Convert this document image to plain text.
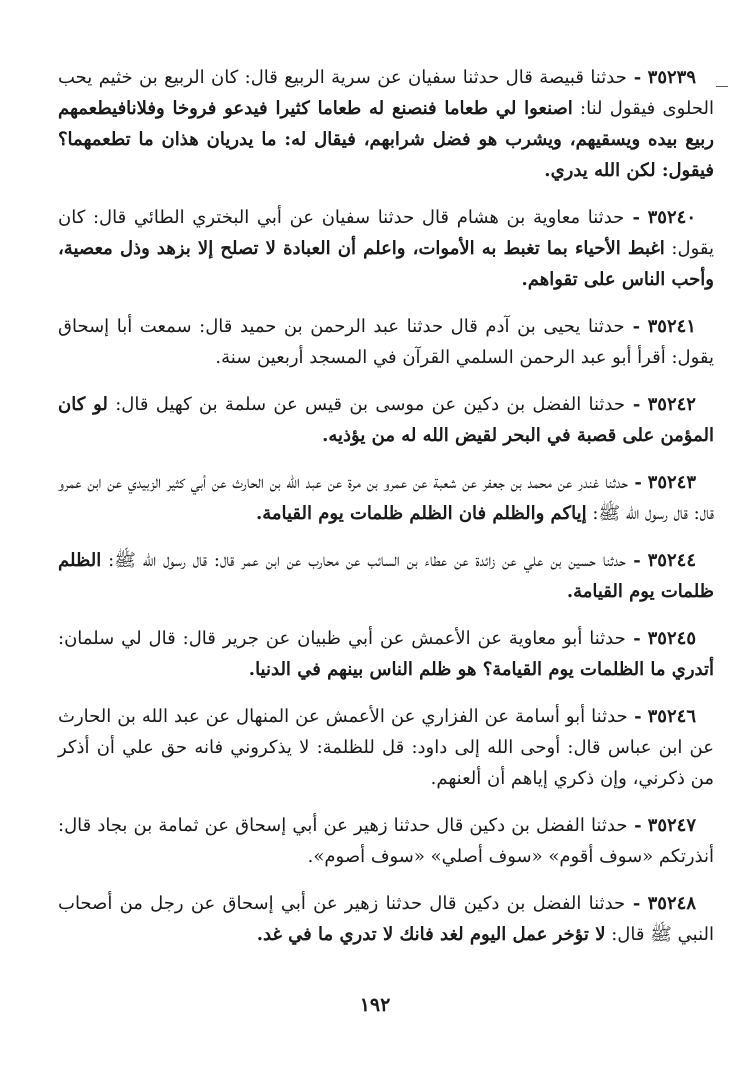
٣٥٢٣٩ - حدثنا قبيصة قال حدثنا سفيان عن سرية الربيع قال: كان الربيع بن خثيم يحب الحلوى فيقول لنا: اصنعوا لي طعاما فنصنع له طعاما كثيرا فيدعو فروخا وفلانافيطعمهم ربيع بيده ويسقيهم، ويشرب هو فضل شرابهم، فيقال له: ما يدريان هذان ما تطعمهما؟ فيقول: لكن الله يدري.

٣٥٢٤٠ - حدثنا معاوية بن هشام قال حدثنا سفيان عن أبي البختري الطائي قال: كان يقول: اغبط الأحياء بما تغبط به الأموات، واعلم أن العبادة لا تصلح إلا بزهد وذل معصية، وأحب الناس على تقواهم.

٣٥٢٤١ - حدثنا يحيى بن آدم قال حدثنا عبد الرحمن بن حميد قال: سمعت أبا إسحاق يقول: أقرأ أبو عبد الرحمن السلمي القرآن في المسجد أربعين سنة.

٣٥٢٤٢ - حدثنا الفضل بن دكين عن موسى بن قيس عن سلمة بن كهيل قال: لو كان المؤمن على قصبة في البحر لقيض الله له من يؤذيه.

٣٥٢٤٣ - حدثنا غندر عن محمد بن جعفر عن شعبة عن عمرو بن مرة عن عبد الله بن الحارث عن أبي كثير الزبيدي عن ابن عمرو قال: قال رسول الله ﷺ: إياكم والظلم فان الظلم ظلمات يوم القيامة.

٣٥٢٤٤ - حدثنا حسين بن علي عن زائدة عن عطاء بن السائب عن محارب عن ابن عمر قال: قال رسول الله ﷺ: الظلم ظلمات يوم القيامة.

٣٥٢٤٥ - حدثنا أبو معاوية عن الأعمش عن أبي ظبيان عن جرير قال: قال لي سلمان: أتدري ما الظلمات يوم القيامة؟ هو ظلم الناس بينهم في الدنيا.

٣٥٢٤٦ - حدثنا أبو أسامة عن الفزاري عن الأعمش عن المنهال عن عبد الله بن الحارث عن ابن عباس قال: أوحى الله إلى داود: قل للظلمة: لا يذكروني فانه حق علي أن أذكر من ذكرني، وإن ذكري إياهم أن ألعنهم.

٣٥٢٤٧ - حدثنا الفضل بن دكين قال حدثنا زهير عن أبي إسحاق عن ثمامة بن بجاد قال: أنذرتكم «سوف أقوم» «سوف أصلي» «سوف أصوم».

٣٥٢٤٨ - حدثنا الفضل بن دكين قال حدثنا زهير عن أبي إسحاق عن رجل من أصحاب النبي ﷺ قال: لا تؤخر عمل اليوم لغد فانك لا تدري ما في غد.

١٩٢
